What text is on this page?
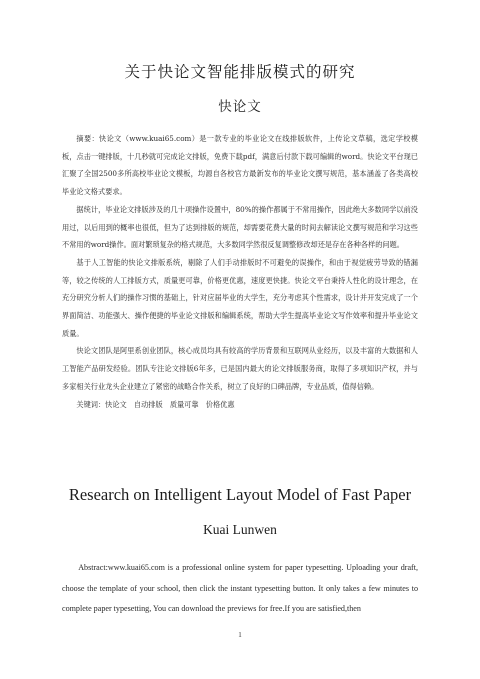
关于快论文智能排版模式的研究
快论文

摘要：快论文（www.kuai65.com）是一款专业的毕业论文在线排版软件，上传论文草稿，选定学校模板，点击一键排版，十几秒就可完成论文排版，免费下载pdf，满意后付款下载可编辑的word。快论文平台现已汇聚了全国2500多所高校毕业论文模板，均源自各校官方最新发布的毕业论文撰写规范，基本涵盖了各类高校毕业论文格式要求。

据统计，毕业论文排版涉及的几十项操作设置中，80%的操作都属于不常用操作，因此绝大多数同学以前没用过，以后用到的概率也很低，但为了达到排版的规范，却需要花费大量的时间去解读论文撰写规范和学习这些不常用的word操作。面对繁琐复杂的格式规范，大多数同学然很反复调整修改却还是存在各种各样的问题。

基于人工智能的快论文排版系统，剔除了人们手动排版时不可避免的误操作，和由于视觉疲劳导致的错漏等，较之传统的人工排版方式，质量更可靠，价格更优惠，速度更快捷。快论文平台秉持人性化的设计理念，在充分研究分析人们的操作习惯的基础上，针对应届毕业的大学生，充分考虑其个性需求，设计并开发完成了一个界面简洁、功能强大、操作便捷的毕业论文排版和编辑系统，帮助大学生提高毕业论文写作效率和提升毕业论文质量。

快论文团队是阿里系创业团队，核心成员均具有较高的学历背景和互联网从业经历，以及丰富的大数据和人工智能产品研发经验。团队专注论文排版6年多，已是国内最大的论文排版服务商，取得了多项知识产权，并与多家相关行业龙头企业建立了紧密的战略合作关系，树立了良好的口碑品牌，专业品质，值得信赖。

关键词：快论文　自动排版　质量可靠　价格优惠

Research on Intelligent Layout Model of Fast Paper
Kuai Lunwen

Abstract:www.kuai65.com is a professional online system for paper typesetting. Uploading your draft, choose the template of your school, then click the instant typesetting button. It only takes a few minutes to complete paper typesetting, You can download the previews for free.If you are satisfied,then

1
